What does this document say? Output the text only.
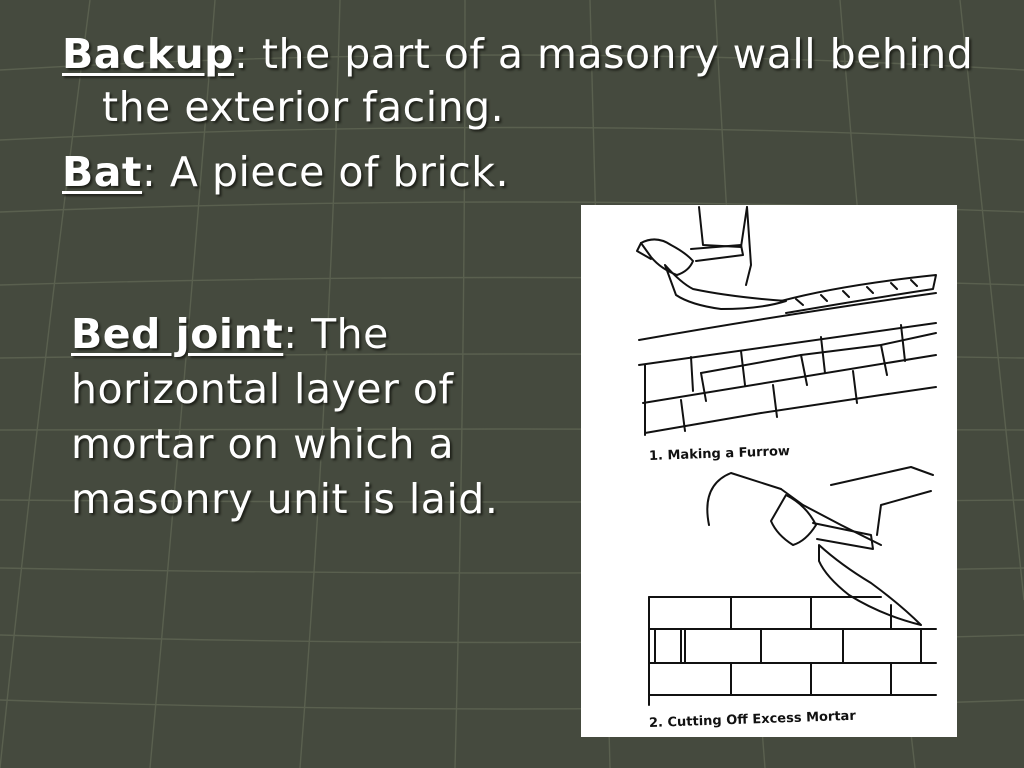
Backup: the part of a masonry wall behind the exterior facing.

Bat: A piece of brick.

Bed joint: The horizontal layer of mortar on which a masonry unit is laid.

1. Making a Furrow
2. Cutting Off Excess Mortar
